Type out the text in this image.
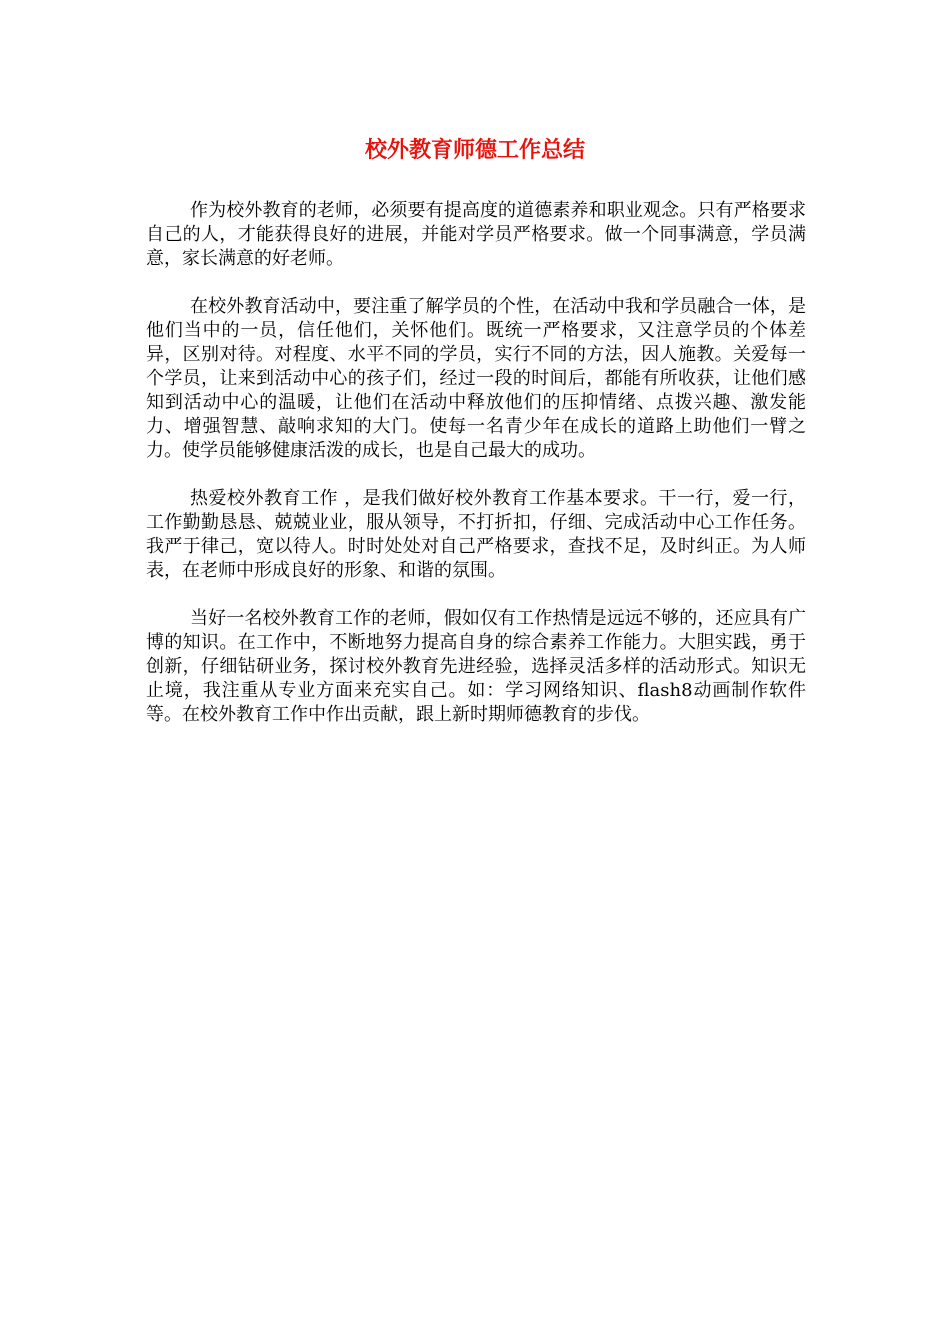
校外教育师德工作总结

作为校外教育的老师，必须要有提高度的道德素养和职业观念。只有严格要求自己的人，才能获得良好的进展，并能对学员严格要求。做一个同事满意，学员满意，家长满意的好老师。

在校外教育活动中，要注重了解学员的个性，在活动中我和学员融合一体，是他们当中的一员，信任他们，关怀他们。既统一严格要求，又注意学员的个体差异，区别对待。对程度、水平不同的学员，实行不同的方法，因人施教。关爱每一个学员，让来到活动中心的孩子们，经过一段的时间后，都能有所收获，让他们感知到活动中心的温暖，让他们在活动中释放他们的压抑情绪、点拨兴趣、激发能力、增强智慧、敲响求知的大门。使每一名青少年在成长的道路上助他们一臂之力。使学员能够健康活泼的成长，也是自己最大的成功。

热爱校外教育工作 ，是我们做好校外教育工作基本要求。干一行，爱一行，工作勤勤恳恳、兢兢业业，服从领导，不打折扣，仔细、完成活动中心工作任务。我严于律己，宽以待人。时时处处对自己严格要求，查找不足，及时纠正。为人师表，在老师中形成良好的形象、和谐的氛围。

当好一名校外教育工作的老师，假如仅有工作热情是远远不够的，还应具有广博的知识。在工作中，不断地努力提高自身的综合素养工作能力。大胆实践，勇于创新，仔细钻研业务，探讨校外教育先进经验，选择灵活多样的活动形式。知识无止境，我注重从专业方面来充实自己。如：学习网络知识、flash8动画制作软件等。在校外教育工作中作出贡献，跟上新时期师德教育的步伐。
